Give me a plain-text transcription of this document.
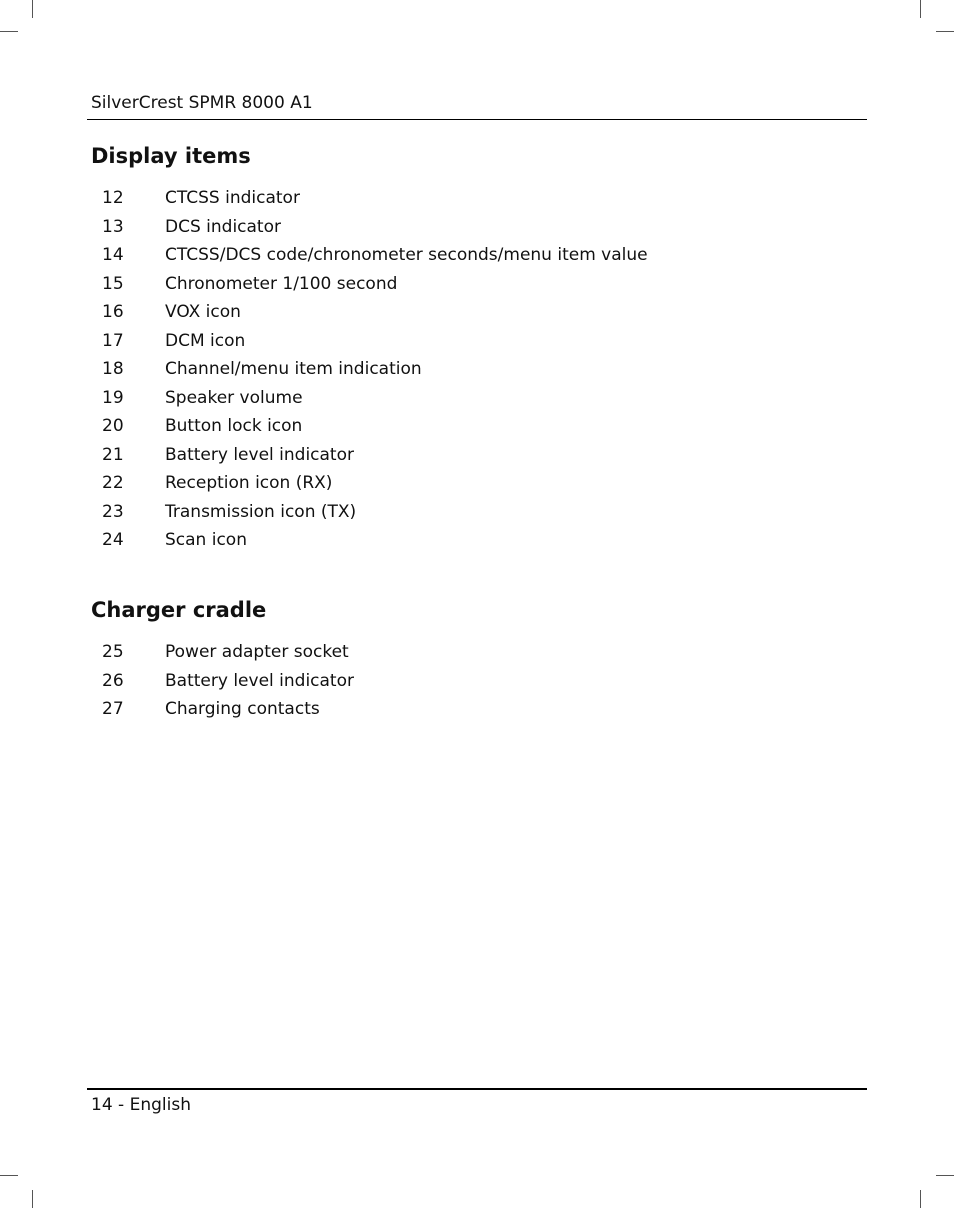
SilverCrest SPMR 8000 A1
Display items
12 CTCSS indicator
13 DCS indicator
14 CTCSS/DCS code/chronometer seconds/menu item value
15 Chronometer 1/100 second
16 VOX icon
17 DCM icon
18 Channel/menu item indication
19 Speaker volume
20 Button lock icon
21 Battery level indicator
22 Reception icon (RX)
23 Transmission icon (TX)
24 Scan icon
Charger cradle
25 Power adapter socket
26 Battery level indicator
27 Charging contacts
14 - English
